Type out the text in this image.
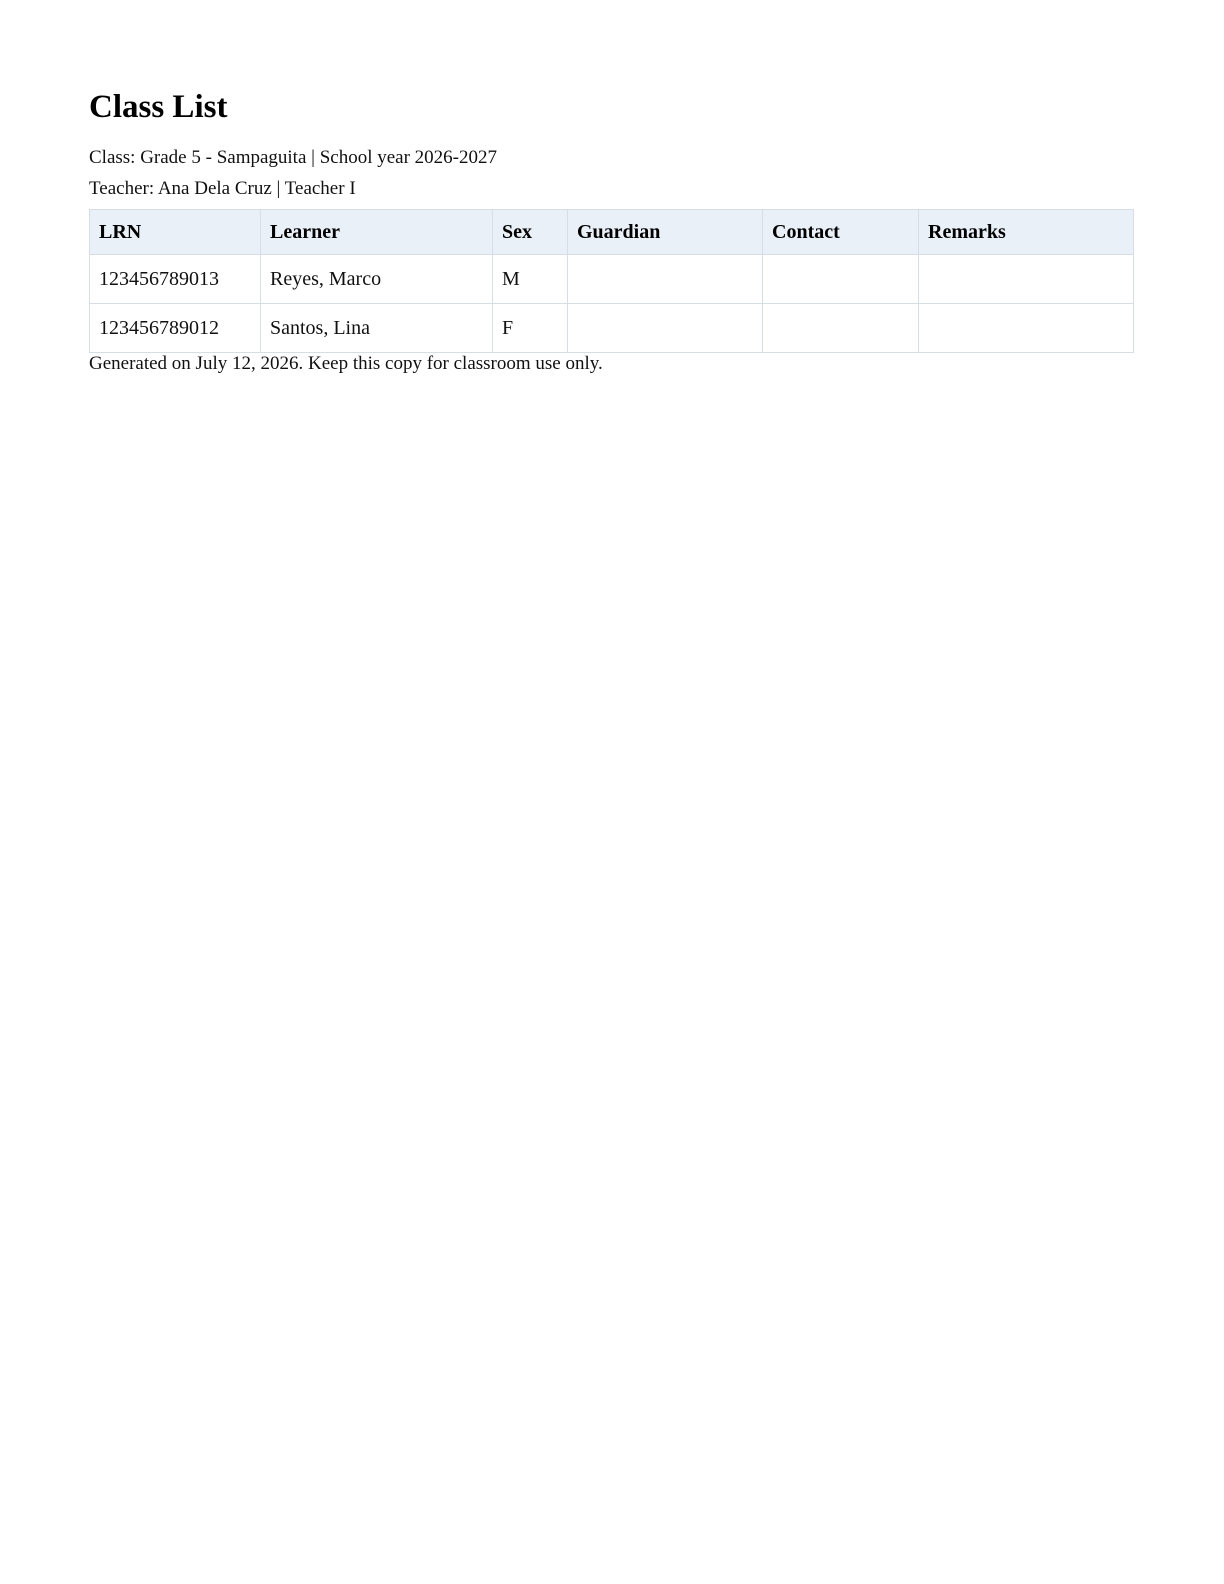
Class List

Class: Grade 5 - Sampaguita | School year 2026-2027

Teacher: Ana Dela Cruz | Teacher I

LRN	Learner	Sex	Guardian	Contact	Remarks
123456789013	Reyes, Marco	M			
123456789012	Santos, Lina	F			

Generated on July 12, 2026. Keep this copy for classroom use only.
